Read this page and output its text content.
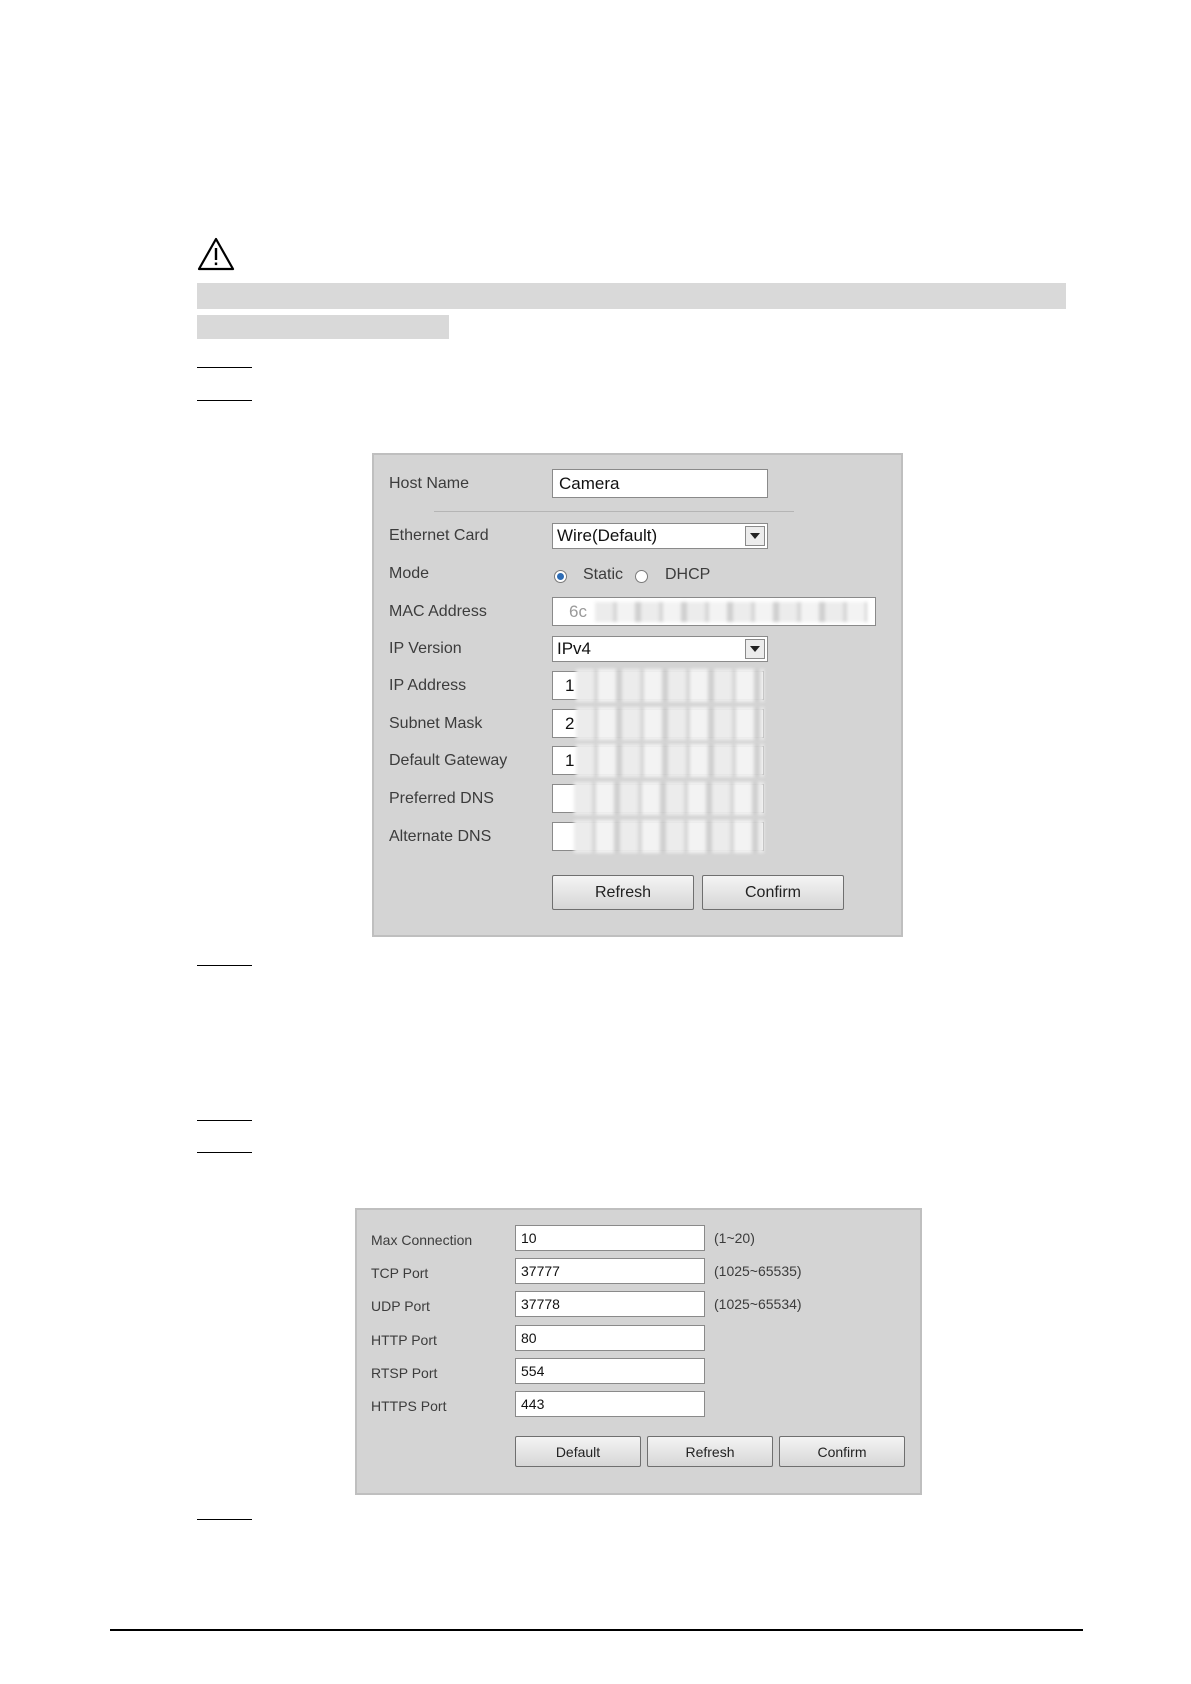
Host Name	Camera
Ethernet Card	Wire(Default)
Mode	Static	DHCP
MAC Address	6c
IP Version	IPv4
IP Address	1
Subnet Mask	2
Default Gateway	1
Preferred DNS
Alternate DNS
Refresh	Confirm
Max Connection	10	(1~20)
TCP Port	37777	(1025~65535)
UDP Port	37778	(1025~65534)
HTTP Port	80
RTSP Port	554
HTTPS Port	443
Default	Refresh	Confirm
